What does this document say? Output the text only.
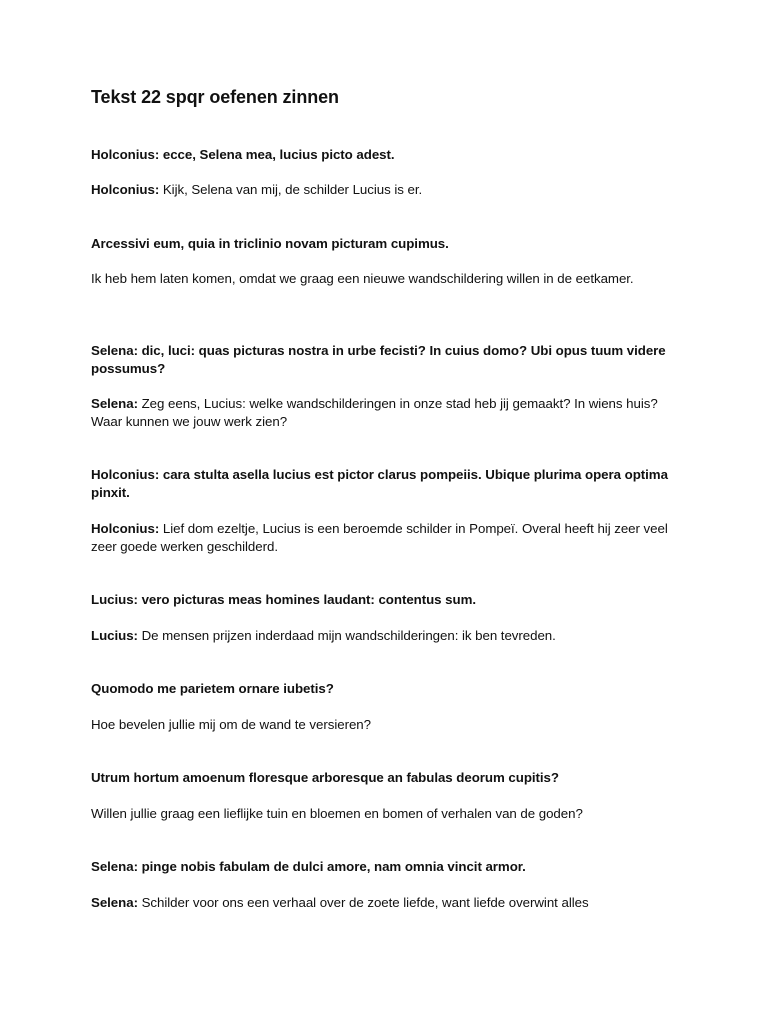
Tekst 22 spqr oefenen zinnen

Holconius: ecce, Selena mea, lucius picto adest.

Holconius: Kijk, Selena van mij, de schilder Lucius is er.

Arcessivi eum, quia in triclinio novam picturam cupimus.

Ik heb hem laten komen, omdat we graag een nieuwe wandschildering willen in de eetkamer.

Selena: dic, luci: quas picturas nostra in urbe fecisti? In cuius domo? Ubi opus tuum videre possumus?

Selena: Zeg eens, Lucius: welke wandschilderingen in onze stad heb jij gemaakt? In wiens huis? Waar kunnen we jouw werk zien?

Holconius: cara stulta asella lucius est pictor clarus pompeiis. Ubique plurima opera optima pinxit.

Holconius: Lief dom ezeltje, Lucius is een beroemde schilder in Pompeï. Overal heeft hij zeer veel zeer goede werken geschilderd.

Lucius: vero picturas meas homines laudant: contentus sum.

Lucius: De mensen prijzen inderdaad mijn wandschilderingen: ik ben tevreden.

Quomodo me parietem ornare iubetis?

Hoe bevelen jullie mij om de wand te versieren?

Utrum hortum amoenum floresque arboresque an fabulas deorum cupitis?

Willen jullie graag een lieflijke tuin en bloemen en bomen of verhalen van de goden?

Selena: pinge nobis fabulam de dulci amore, nam omnia vincit armor.

Selena: Schilder voor ons een verhaal over de zoete liefde, want liefde overwint alles
